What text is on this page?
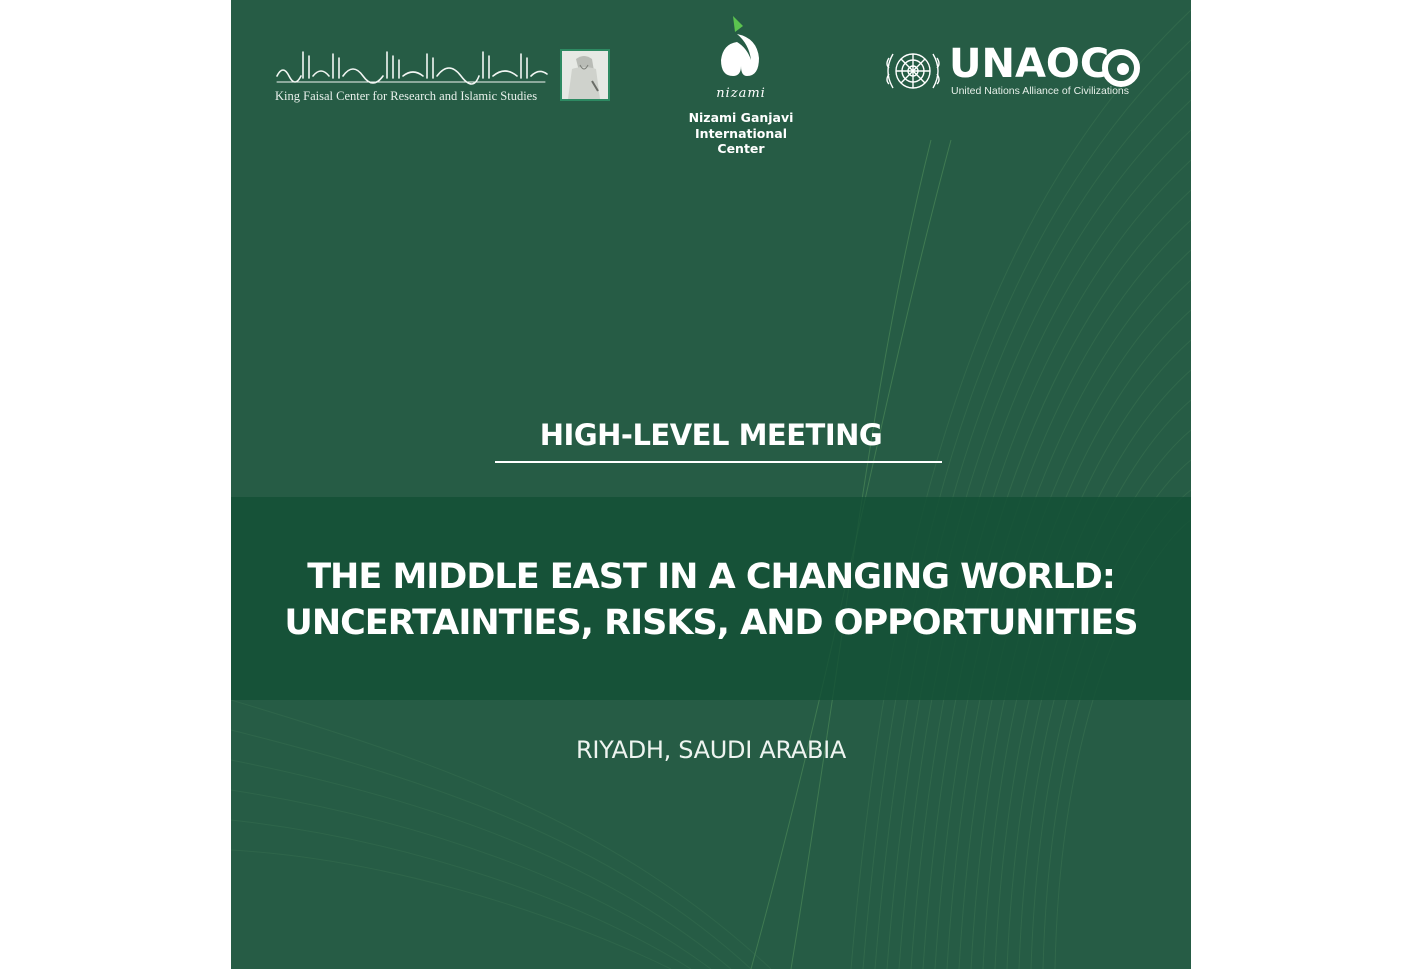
King Faisal Center for Research and Islamic Studies	nizami
Nizami Ganjavi
International Center
UNAOC
United Nations Alliance of Civilizations
HIGH-LEVEL MEETING
THE MIDDLE EAST IN A CHANGING WORLD:
UNCERTAINTIES, RISKS, AND OPPORTUNITIES
RIYADH, SAUDI ARABIA
